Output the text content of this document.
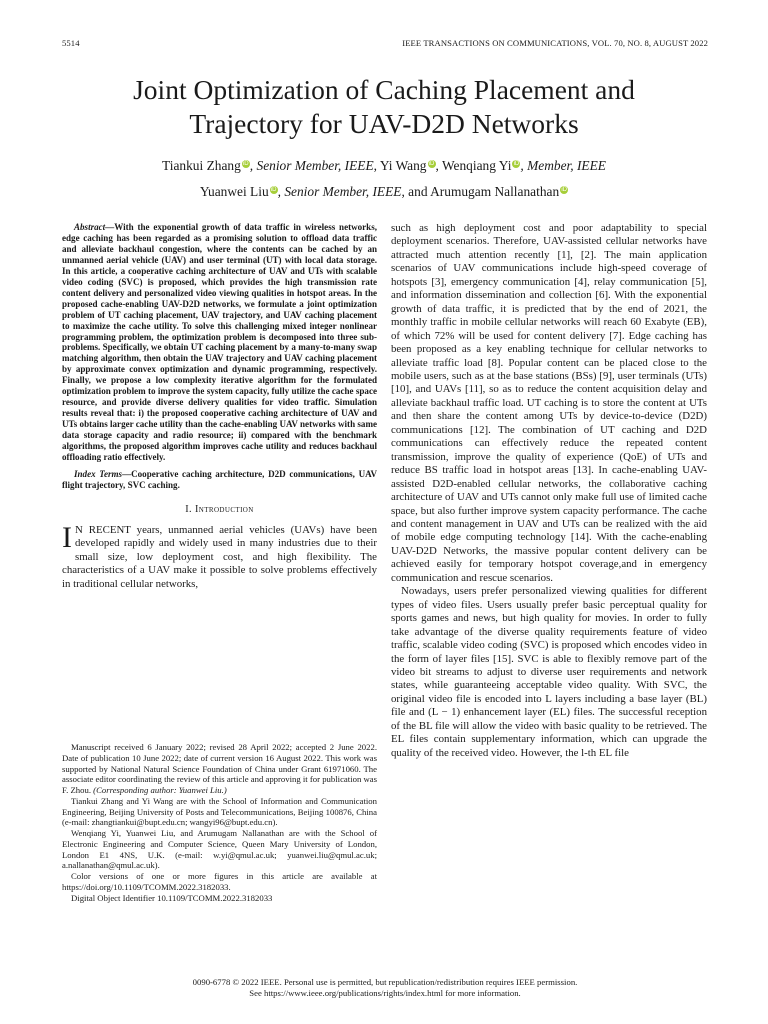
5514	IEEE TRANSACTIONS ON COMMUNICATIONS, VOL. 70, NO. 8, AUGUST 2022
Joint Optimization of Caching Placement and
Trajectory for UAV-D2D Networks
Tiankui Zhang iD, Senior Member, IEEE, Yi Wang iD, Wenqiang Yi iD, Member, IEEE
Yuanwei Liu iD, Senior Member, IEEE, and Arumugam Nallanathan iD

Abstract—With the exponential growth of data traffic in wireless networks, edge caching has been regarded as a promising solution to offload data traffic and alleviate backhaul congestion, where the contents can be cached by an unmanned aerial vehicle (UAV) and user terminal (UT) with local data storage. In this article, a cooperative caching architecture of UAV and UTs with scalable video coding (SVC) is proposed, which provides the high transmission rate content delivery and personalized video viewing qualities in hotspot areas. In the proposed cache-enabling UAV-D2D networks, we formulate a joint optimization problem of UT caching placement, UAV trajectory, and UAV caching placement to maximize the cache utility. To solve this challenging mixed integer nonlinear programming problem, the optimization problem is decomposed into three sub-problems. Specifically, we obtain UT caching placement by a many-to-many swap matching algorithm, then obtain the UAV trajectory and UAV caching placement by approximate convex optimization and dynamic programming, respectively. Finally, we propose a low complexity iterative algorithm for the formulated optimization problem to improve the system capacity, fully utilize the cache space resource, and provide diverse delivery qualities for video traffic. Simulation results reveal that: i) the proposed cooperative caching architecture of UAV and UTs obtains larger cache utility than the cache-enabling UAV networks with same data storage capacity and radio resource; ii) compared with the benchmark algorithms, the proposed algorithm improves cache utility and reduces backhaul offloading ratio effectively.

Index Terms—Cooperative caching architecture, D2D communications, UAV flight trajectory, SVC caching.

I. Introduction

I N RECENT years, unmanned aerial vehicles (UAVs) have been developed rapidly and widely used in many industries due to their small size, low deployment cost, and high flexibility. The characteristics of a UAV make it possible to solve problems effectively in traditional cellular networks,

Manuscript received 6 January 2022; revised 28 April 2022; accepted 2 June 2022. Date of publication 10 June 2022; date of current version 16 August 2022. This work was supported by National Natural Science Foundation of China under Grant 61971060. The associate editor coordinating the review of this article and approving it for publication was F. Zhou. (Corresponding author: Yuanwei Liu.)

Tiankui Zhang and Yi Wang are with the School of Information and Communication Engineering, Beijing University of Posts and Telecommunications, Beijing 100876, China (e-mail: zhangtiankui@bupt.edu.cn; wangyi96@bupt.edu.cn).

Wenqiang Yi, Yuanwei Liu, and Arumugam Nallanathan are with the School of Electronic Engineering and Computer Science, Queen Mary University of London, London E1 4NS, U.K. (e-mail: w.yi@qmul.ac.uk; yuanwei.liu@qmul.ac.uk; a.nallanathan@qmul.ac.uk).

Color versions of one or more figures in this article are available at https://doi.org/10.1109/TCOMM.2022.3182033.

Digital Object Identifier 10.1109/TCOMM.2022.3182033

such as high deployment cost and poor adaptability to special deployment scenarios. Therefore, UAV-assisted cellular networks have attracted much attention recently [1], [2]. The main application scenarios of UAV communications include high-speed coverage of hotspots [3], emergency communication [4], relay communication [5], and information dissemination and collection [6]. With the exponential growth of data traffic, it is predicted that by the end of 2021, the monthly traffic in mobile cellular networks will reach 60 Exabyte (EB), of which 72% will be used for content delivery [7]. Edge caching has been proposed as a key enabling technique for cellular networks to alleviate traffic load [8]. Popular content can be placed close to the mobile users, such as at the base stations (BSs) [9], user terminals (UTs) [10], and UAVs [11], so as to reduce the content acquisition delay and alleviate backhaul traffic load. UT caching is to store the content at UTs and then share the content among UTs by device-to-device (D2D) communications [12]. The combination of UT caching and D2D communications can effectively reduce the repeated content transmission, improve the quality of experience (QoE) of UTs and reduce BS traffic load in hotspot areas [13]. In cache-enabling UAV-assisted D2D-enabled cellular networks, the collaborative caching architecture of UAV and UTs cannot only make full use of limited cache space, but also further improve system capacity performance. The cache and content management in UAV and UTs can be realized with the aid of mobile edge computing technology [14]. With the cache-enabling UAV-D2D Networks, the massive popular content delivery can be achieved easily for temporary hotspot coverage,and in emergency communication and rescue scenarios.

Nowadays, users prefer personalized viewing qualities for different types of video files. Users usually prefer basic perceptual quality for sports games and news, but high quality for movies. In order to fully take advantage of the diverse quality requirements feature of video traffic, scalable video coding (SVC) is proposed which encodes video in the form of layer files [15]. SVC is able to flexibly remove part of the video bit streams to adjust to diverse user requirements and network states, while guaranteeing acceptable video quality. With SVC, the original video file is encoded into L layers including a base layer (BL) file and (L − 1) enhancement layer (EL) files. The successful reception of the BL file will allow the video with basic quality to be retrieved. The EL files contain supplementary information, which can upgrade the quality of the received video. However, the l-th EL file

0090-6778 © 2022 IEEE. Personal use is permitted, but republication/redistribution requires IEEE permission.
See https://www.ieee.org/publications/rights/index.html for more information.
